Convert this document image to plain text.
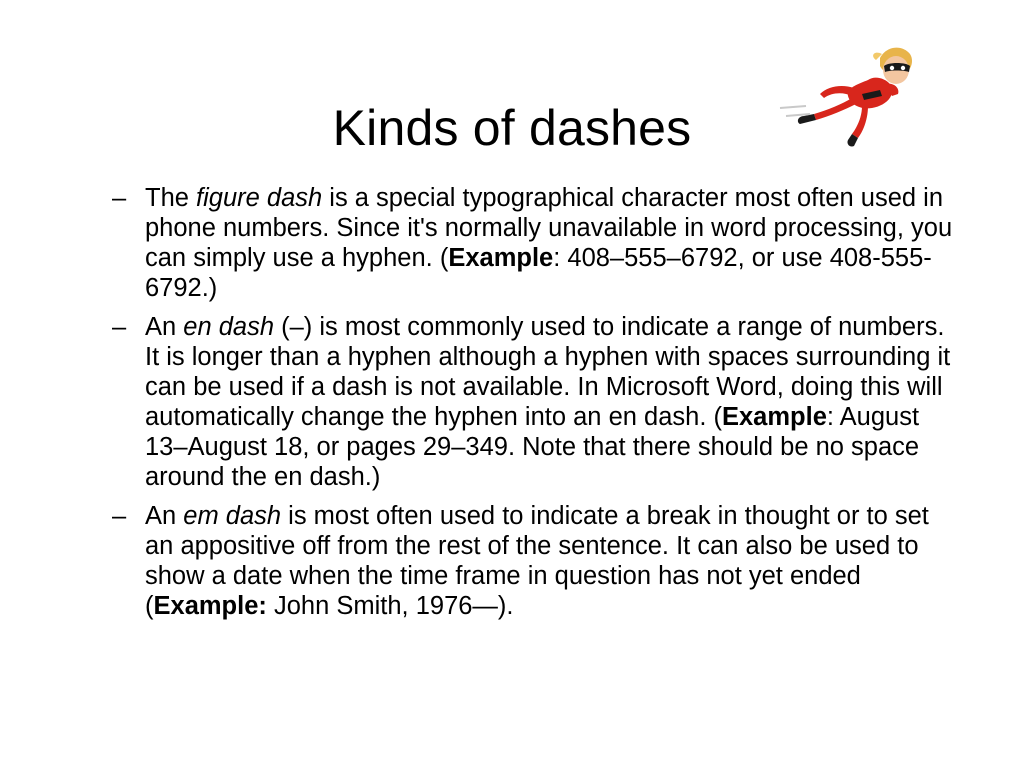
Kinds of dashes
– The figure dash is a special typographical character most often used in phone numbers. Since it's normally unavailable in word processing, you can simply use a hyphen. (Example: 408‒555‒6792, or use 408-555-6792.)
– An en dash (–) is most commonly used to indicate a range of numbers. It is longer than a hyphen although a hyphen with spaces surrounding it can be used if a dash is not available. In Microsoft Word, doing this will automatically change the hyphen into an en dash. (Example: August 13–August 18, or pages 29–349. Note that there should be no space around the en dash.)
– An em dash is most often used to indicate a break in thought or to set an appositive off from the rest of the sentence. It can also be used to show a date when the time frame in question has not yet ended (Example: John Smith, 1976—).
